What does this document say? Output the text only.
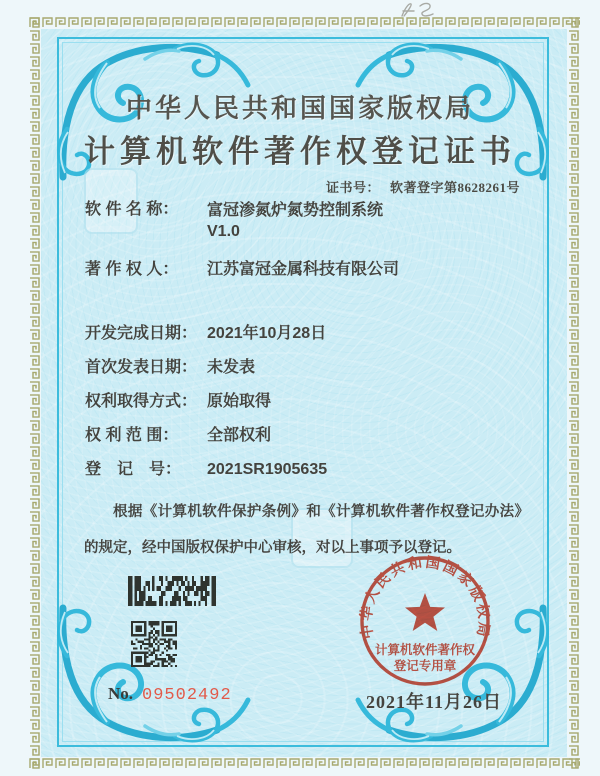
中华人民共和国国家版权局
计算机软件著作权登记证书
证书号： 软著登字第8628261号
软 件 名 称：	富冠渗氮炉氮势控制系统
V1.0
著 作 权 人：	江苏富冠金属科技有限公司
开发完成日期： 2021年10月28日
首次发表日期： 未发表
权利取得方式： 原始取得
权 利 范 围：	全部权利
登　记　号：	2021SR1905635
根据《计算机软件保护条例》和《计算机软件著作权登记办法》的规定，经中国版权保护中心审核，对以上事项予以登记。
No. 09502492
中华人民共和国国家版权局
计算机软件著作权
登记专用章
2021年11月26日
